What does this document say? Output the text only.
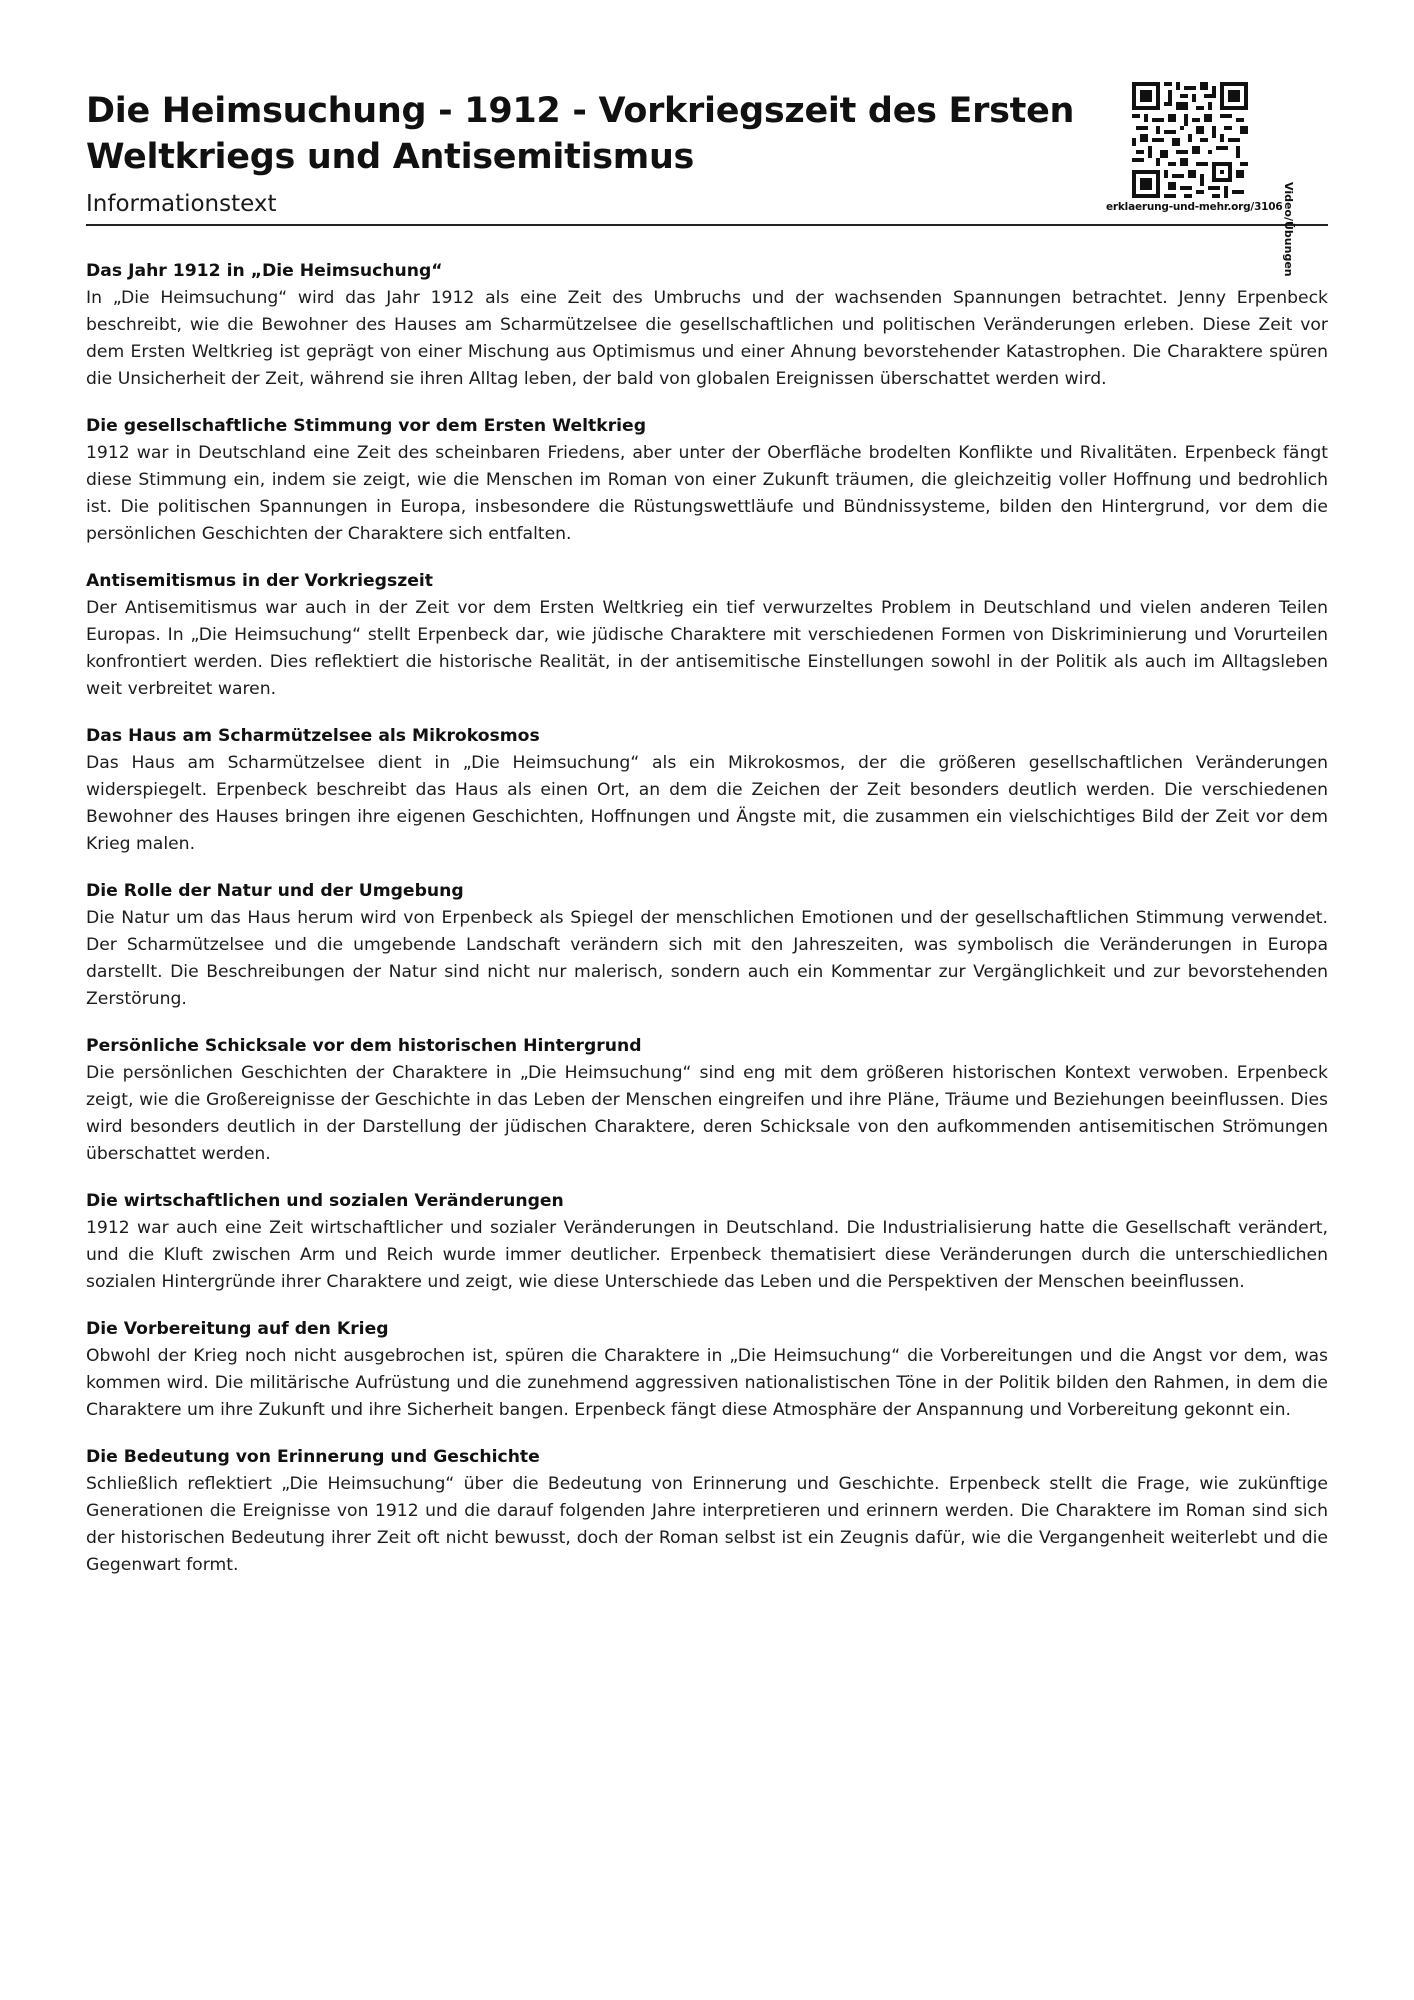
Die Heimsuchung - 1912 - Vorkriegszeit des Ersten Weltkriegs und Antisemitismus
Informationstext	erklaerung-und-mehr.org/3106 Video/Übungen
Das Jahr 1912 in „Die Heimsuchung“

In „Die Heimsuchung“ wird das Jahr 1912 als eine Zeit des Umbruchs und der wachsenden Spannungen betrachtet. Jenny Erpenbeck beschreibt, wie die Bewohner des Hauses am Scharmützelsee die gesellschaftlichen und politischen Veränderungen erleben. Diese Zeit vor dem Ersten Weltkrieg ist geprägt von einer Mischung aus Optimismus und einer Ahnung bevorstehender Katastrophen. Die Charaktere spüren die Unsicherheit der Zeit, während sie ihren Alltag leben, der bald von globalen Ereignissen überschattet werden wird.

Die gesellschaftliche Stimmung vor dem Ersten Weltkrieg

1912 war in Deutschland eine Zeit des scheinbaren Friedens, aber unter der Oberfläche brodelten Konflikte und Rivalitäten. Erpenbeck fängt diese Stimmung ein, indem sie zeigt, wie die Menschen im Roman von einer Zukunft träumen, die gleichzeitig voller Hoffnung und bedrohlich ist. Die politischen Spannungen in Europa, insbesondere die Rüstungswettläufe und Bündnissysteme, bilden den Hintergrund, vor dem die persönlichen Geschichten der Charaktere sich entfalten.

Antisemitismus in der Vorkriegszeit

Der Antisemitismus war auch in der Zeit vor dem Ersten Weltkrieg ein tief verwurzeltes Problem in Deutschland und vielen anderen Teilen Europas. In „Die Heimsuchung“ stellt Erpenbeck dar, wie jüdische Charaktere mit verschiedenen Formen von Diskriminierung und Vorurteilen konfrontiert werden. Dies reflektiert die historische Realität, in der antisemitische Einstellungen sowohl in der Politik als auch im Alltagsleben weit verbreitet waren.

Das Haus am Scharmützelsee als Mikrokosmos

Das Haus am Scharmützelsee dient in „Die Heimsuchung“ als ein Mikrokosmos, der die größeren gesellschaftlichen Veränderungen widerspiegelt. Erpenbeck beschreibt das Haus als einen Ort, an dem die Zeichen der Zeit besonders deutlich werden. Die verschiedenen Bewohner des Hauses bringen ihre eigenen Geschichten, Hoffnungen und Ängste mit, die zusammen ein vielschichtiges Bild der Zeit vor dem Krieg malen.

Die Rolle der Natur und der Umgebung

Die Natur um das Haus herum wird von Erpenbeck als Spiegel der menschlichen Emotionen und der gesellschaftlichen Stimmung verwendet. Der Scharmützelsee und die umgebende Landschaft verändern sich mit den Jahreszeiten, was symbolisch die Veränderungen in Europa darstellt. Die Beschreibungen der Natur sind nicht nur malerisch, sondern auch ein Kommentar zur Vergänglichkeit und zur bevorstehenden Zerstörung.

Persönliche Schicksale vor dem historischen Hintergrund

Die persönlichen Geschichten der Charaktere in „Die Heimsuchung“ sind eng mit dem größeren historischen Kontext verwoben. Erpenbeck zeigt, wie die Großereignisse der Geschichte in das Leben der Menschen eingreifen und ihre Pläne, Träume und Beziehungen beeinflussen. Dies wird besonders deutlich in der Darstellung der jüdischen Charaktere, deren Schicksale von den aufkommenden antisemitischen Strömungen überschattet werden.

Die wirtschaftlichen und sozialen Veränderungen

1912 war auch eine Zeit wirtschaftlicher und sozialer Veränderungen in Deutschland. Die Industrialisierung hatte die Gesellschaft verändert, und die Kluft zwischen Arm und Reich wurde immer deutlicher. Erpenbeck thematisiert diese Veränderungen durch die unterschiedlichen sozialen Hintergründe ihrer Charaktere und zeigt, wie diese Unterschiede das Leben und die Perspektiven der Menschen beeinflussen.

Die Vorbereitung auf den Krieg

Obwohl der Krieg noch nicht ausgebrochen ist, spüren die Charaktere in „Die Heimsuchung“ die Vorbereitungen und die Angst vor dem, was kommen wird. Die militärische Aufrüstung und die zunehmend aggressiven nationalistischen Töne in der Politik bilden den Rahmen, in dem die Charaktere um ihre Zukunft und ihre Sicherheit bangen. Erpenbeck fängt diese Atmosphäre der Anspannung und Vorbereitung gekonnt ein.

Die Bedeutung von Erinnerung und Geschichte

Schließlich reflektiert „Die Heimsuchung“ über die Bedeutung von Erinnerung und Geschichte. Erpenbeck stellt die Frage, wie zukünftige Generationen die Ereignisse von 1912 und die darauf folgenden Jahre interpretieren und erinnern werden. Die Charaktere im Roman sind sich der historischen Bedeutung ihrer Zeit oft nicht bewusst, doch der Roman selbst ist ein Zeugnis dafür, wie die Vergangenheit weiterlebt und die Gegenwart formt.
